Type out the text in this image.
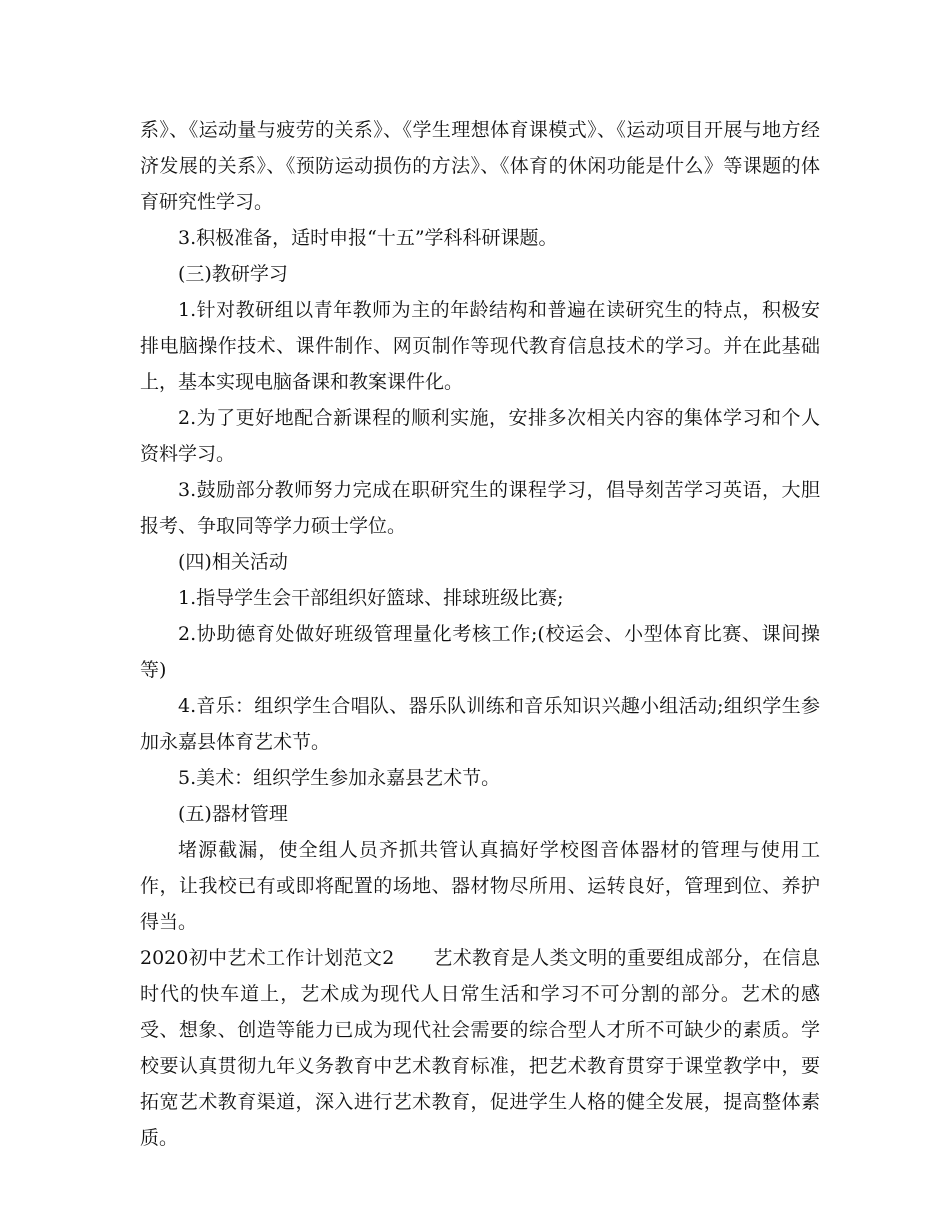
系》、《运动量与疲劳的关系》、《学生理想体育课模式》、《运动项目开展与地方经济发展的关系》、《预防运动损伤的方法》、《体育的休闲功能是什么》等课题的体育研究性学习。

3.积极准备，适时申报“十五”学科科研课题。

(三)教研学习

1.针对教研组以青年教师为主的年龄结构和普遍在读研究生的特点，积极安排电脑操作技术、课件制作、网页制作等现代教育信息技术的学习。并在此基础上，基本实现电脑备课和教案课件化。

2.为了更好地配合新课程的顺利实施，安排多次相关内容的集体学习和个人资料学习。

3.鼓励部分教师努力完成在职研究生的课程学习，倡导刻苦学习英语，大胆报考、争取同等学力硕士学位。

(四)相关活动

1.指导学生会干部组织好篮球、排球班级比赛;

2.协助德育处做好班级管理量化考核工作;(校运会、小型体育比赛、课间操等)

4.音乐：组织学生合唱队、器乐队训练和音乐知识兴趣小组活动;组织学生参加永嘉县体育艺术节。

5.美术：组织学生参加永嘉县艺术节。

(五)器材管理

堵源截漏，使全组人员齐抓共管认真搞好学校图音体器材的管理与使用工作，让我校已有或即将配置的场地、器材物尽所用、运转良好，管理到位、养护得当。

2020初中艺术工作计划范文2　　艺术教育是人类文明的重要组成部分，在信息时代的快车道上，艺术成为现代人日常生活和学习不可分割的部分。艺术的感受、想象、创造等能力已成为现代社会需要的综合型人才所不可缺少的素质。学校要认真贯彻九年义务教育中艺术教育标准，把艺术教育贯穿于课堂教学中，要拓宽艺术教育渠道，深入进行艺术教育，促进学生人格的健全发展，提高整体素质。
